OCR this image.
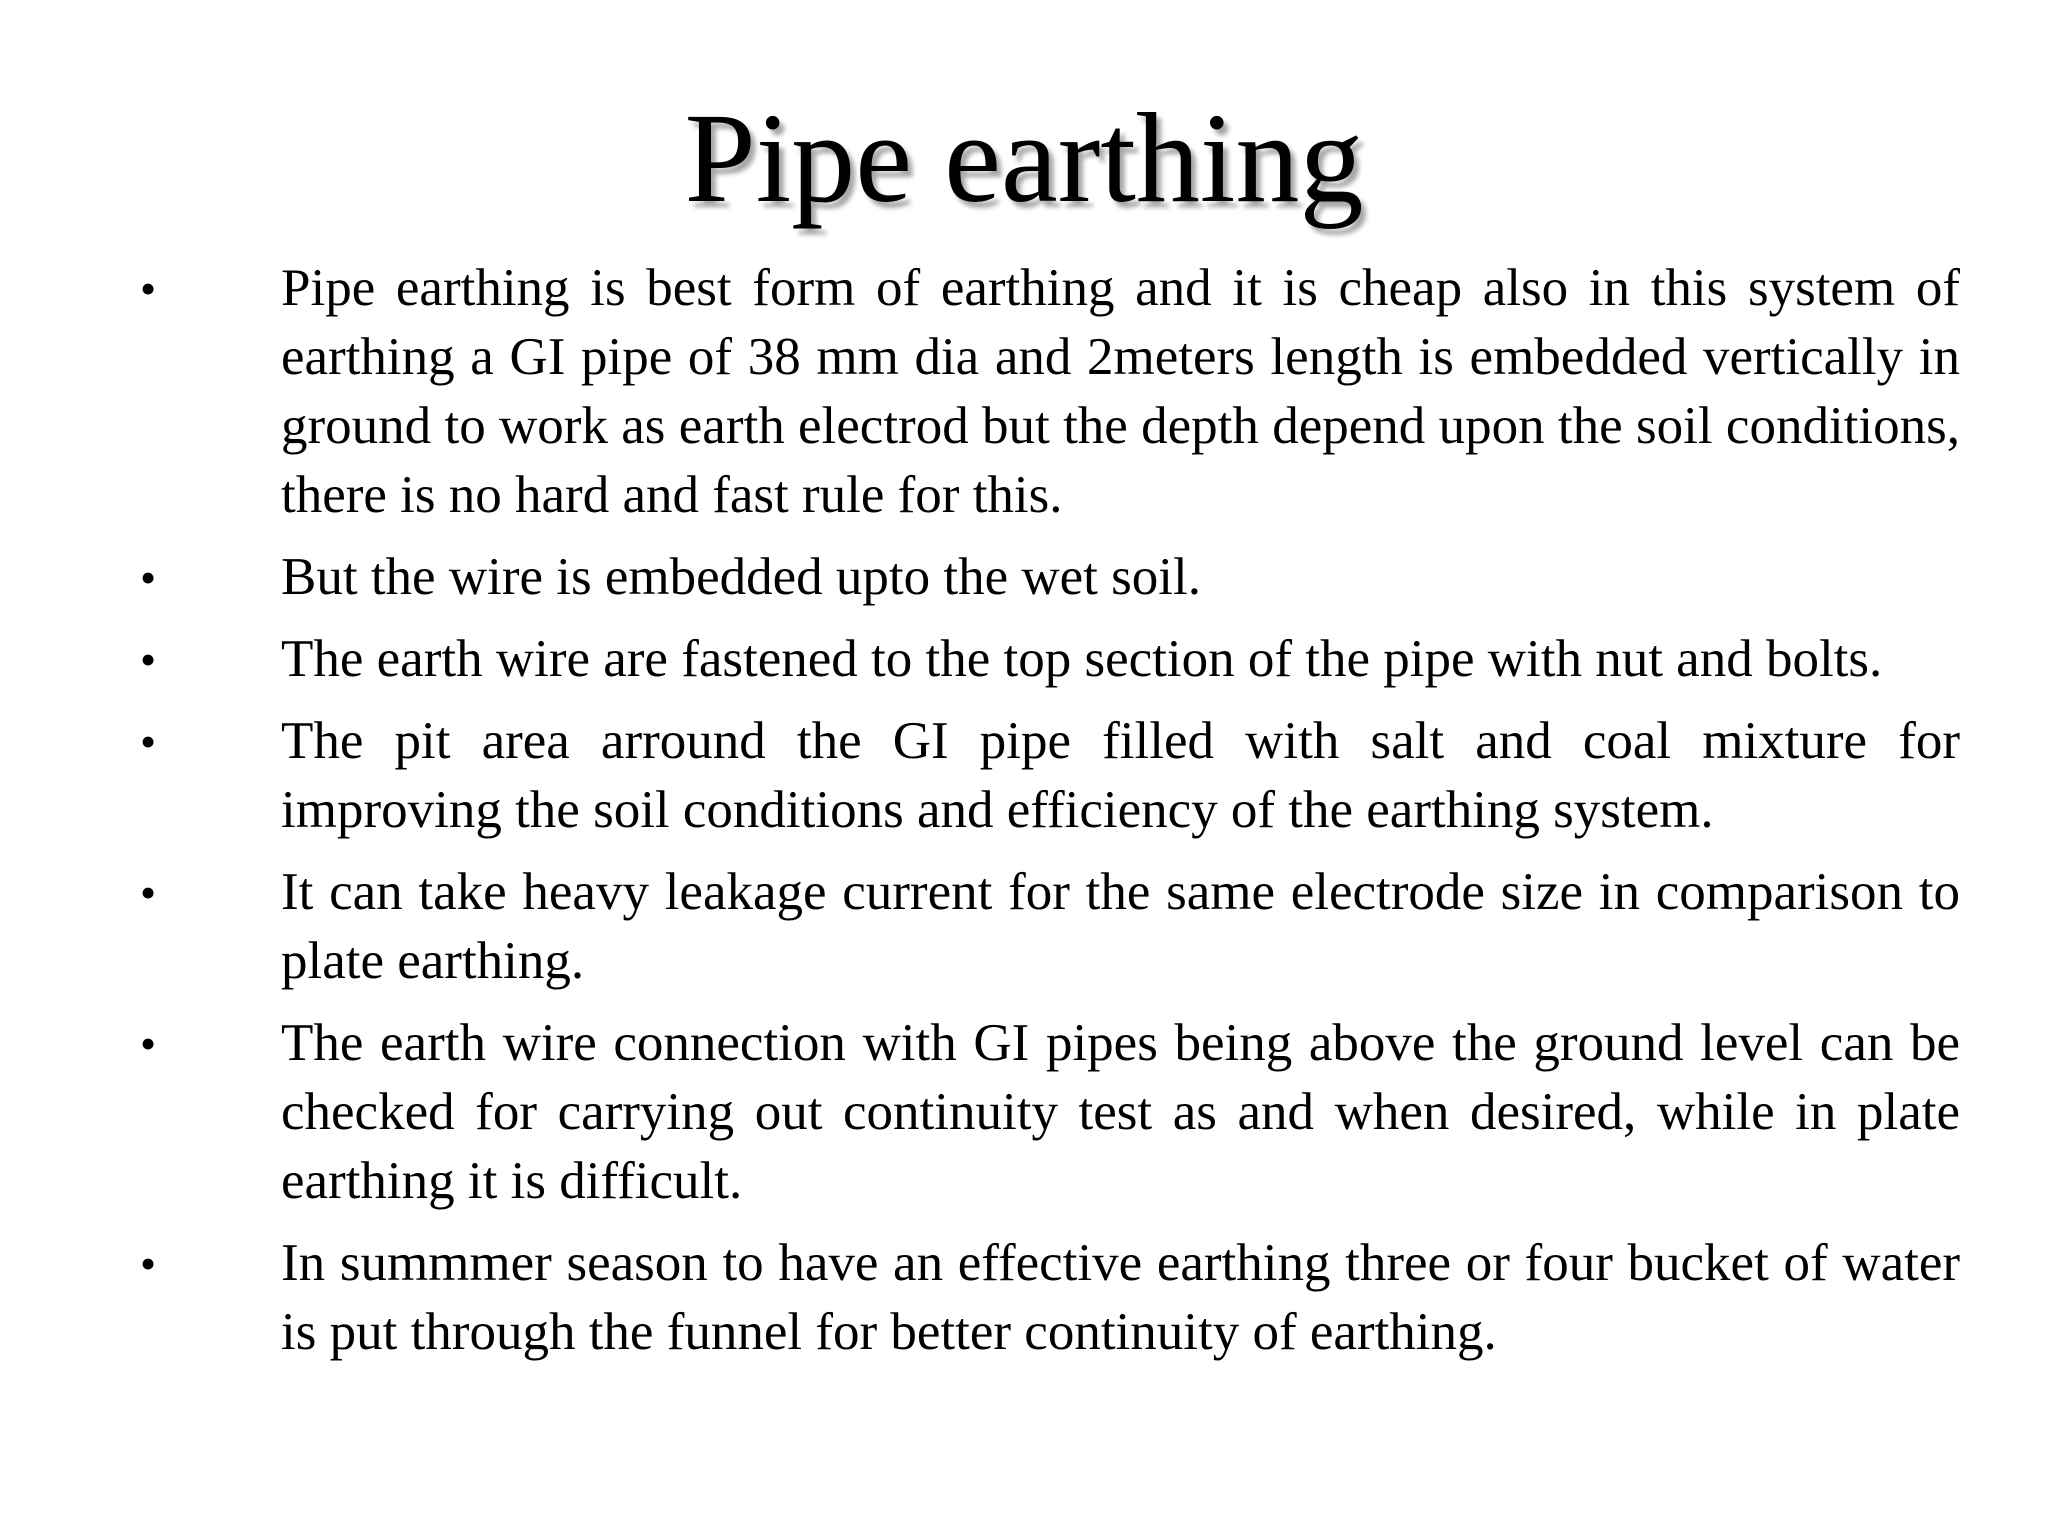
Pipe earthing
• Pipe earthing is best form of earthing and it is cheap also in this system of earthing a GI pipe of 38 mm dia and 2meters length is embedded vertically in ground to work as earth electrod but the depth depend upon the soil conditions, there is no hard and fast rule for this.
• But the wire is embedded upto the wet soil.
• The earth wire are fastened to the top section of the pipe with nut and bolts.
• The pit area arround the GI pipe filled with salt and coal mixture for improving the soil conditions and efficiency of the earthing system.
• It can take heavy leakage current for the same electrode size in comparison to plate earthing.
• The earth wire connection with GI pipes being above the ground level can be checked for carrying out continuity test as and when desired, while in plate earthing it is difficult.
• In summmer season to have an effective earthing three or four bucket of water is put through the funnel for better continuity of earthing.
